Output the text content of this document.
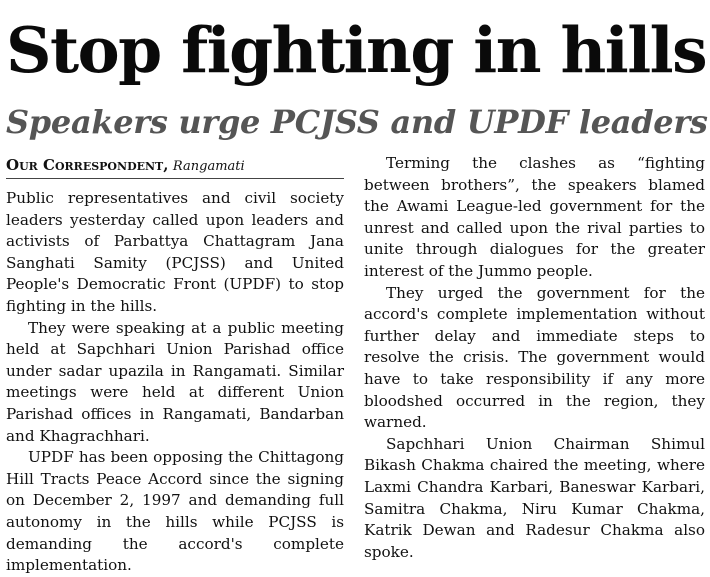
Stop fighting in hills
Speakers urge PCJSS and UPDF leaders
Our Correspondent, Rangamati

Public representatives and civil society leaders yesterday called upon leaders and activists of Parbattya Chattagram Jana Sanghati Samity (PCJSS) and United People's Democratic Front (UPDF) to stop fighting in the hills.

They were speaking at a public meeting held at Sapchhari Union Parishad office under sadar upazila in Rangamati. Similar meetings were held at different Union Parishad offices in Rangamati, Bandarban and Khagrachhari.

UPDF has been opposing the Chittagong Hill Tracts Peace Accord since the signing on December 2, 1997 and demanding full autonomy in the hills while PCJSS is demanding the accord's complete implementation.

Terming the clashes as “fighting between brothers”, the speakers blamed the Awami League-led government for the unrest and called upon the rival parties to unite through dialogues for the greater interest of the Jummo people.

They urged the government for the accord's complete implementation without further delay and immediate steps to resolve the crisis. The government would have to take responsibility if any more bloodshed occurred in the region, they warned.

Sapchhari Union Chairman Shimul Bikash Chakma chaired the meeting, where Laxmi Chandra Karbari, Baneswar Karbari, Samitra Chakma, Niru Kumar Chakma, Katrik Dewan and Radesur Chakma also spoke.
